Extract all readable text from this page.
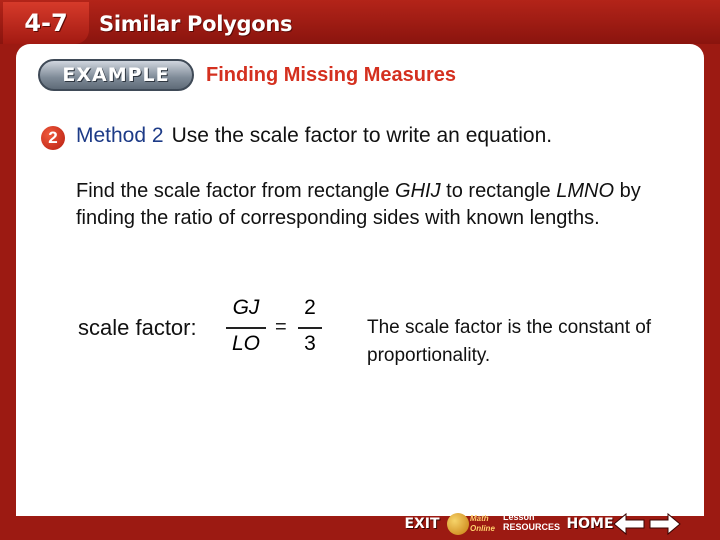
4-7	Similar Polygons
EXAMPLE	Finding Missing Measures
2 Method 2 Use the scale factor to write an equation.
Find the scale factor from rectangle GHIJ to rectangle LMNO by finding the ratio of corresponding sides with known lengths.
scale factor:
GJ
LO
=
2
3
The scale factor is the constant of proportionality.
EXIT	Math Online
Lesson RESOURCES HOME
